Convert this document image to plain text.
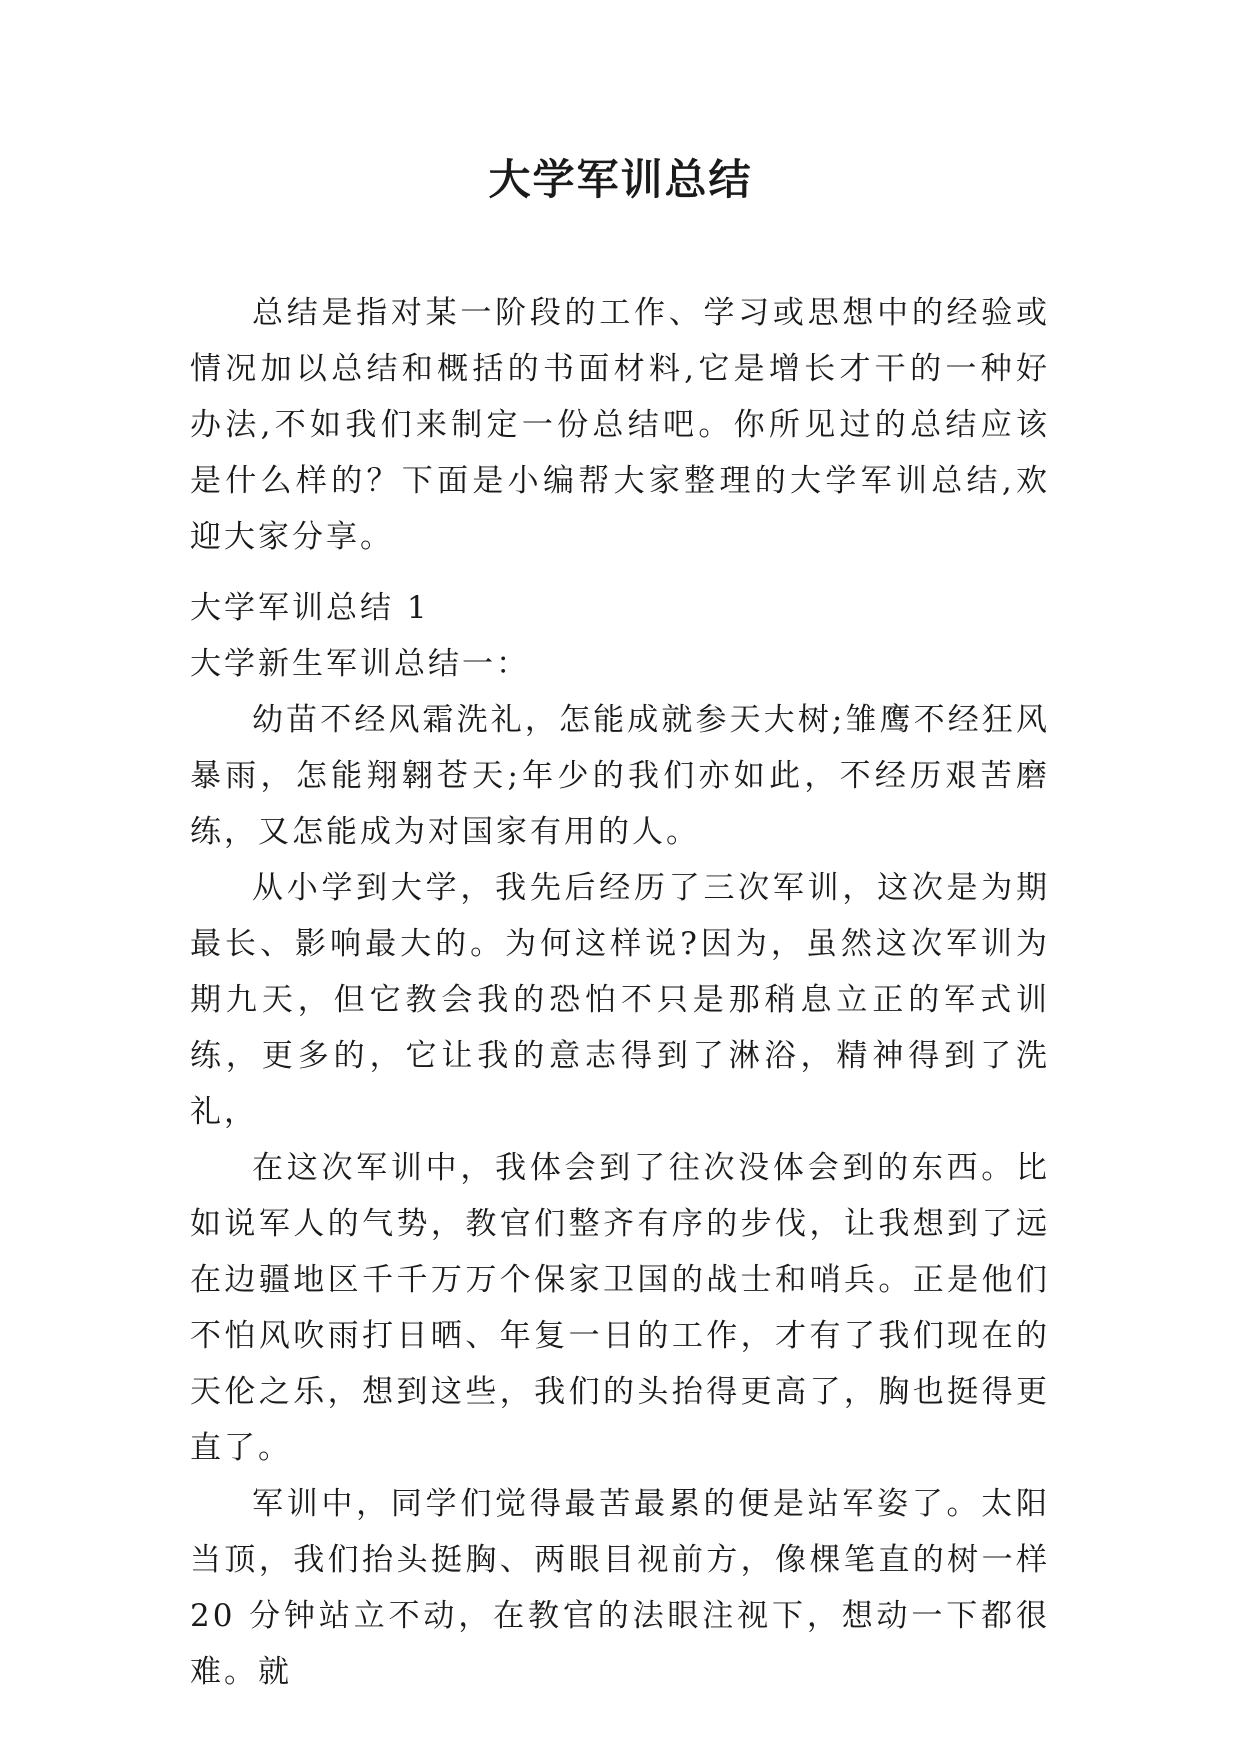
大学军训总结

总结是指对某一阶段的工作、学习或思想中的经验或情况加以总结和概括的书面材料,它是增长才干的一种好办法,不如我们来制定一份总结吧。你所见过的总结应该是什么样的？下面是小编帮大家整理的大学军训总结,欢迎大家分享。

大学军训总结 1

大学新生军训总结一：

幼苗不经风霜洗礼，怎能成就参天大树;雏鹰不经狂风暴雨，怎能翔翱苍天;年少的我们亦如此，不经历艰苦磨练，又怎能成为对国家有用的人。

从小学到大学，我先后经历了三次军训，这次是为期最长、影响最大的。为何这样说?因为，虽然这次军训为期九天，但它教会我的恐怕不只是那稍息立正的军式训练，更多的，它让我的意志得到了淋浴，精神得到了洗礼，

在这次军训中，我体会到了往次没体会到的东西。比如说军人的气势，教官们整齐有序的步伐，让我想到了远在边疆地区千千万万个保家卫国的战士和哨兵。正是他们不怕风吹雨打日晒、年复一日的工作，才有了我们现在的天伦之乐，想到这些，我们的头抬得更高了，胸也挺得更直了。

军训中，同学们觉得最苦最累的便是站军姿了。太阳当顶，我们抬头挺胸、两眼目视前方，像棵笔直的树一样 20 分钟站立不动，在教官的法眼注视下，想动一下都很难。就
